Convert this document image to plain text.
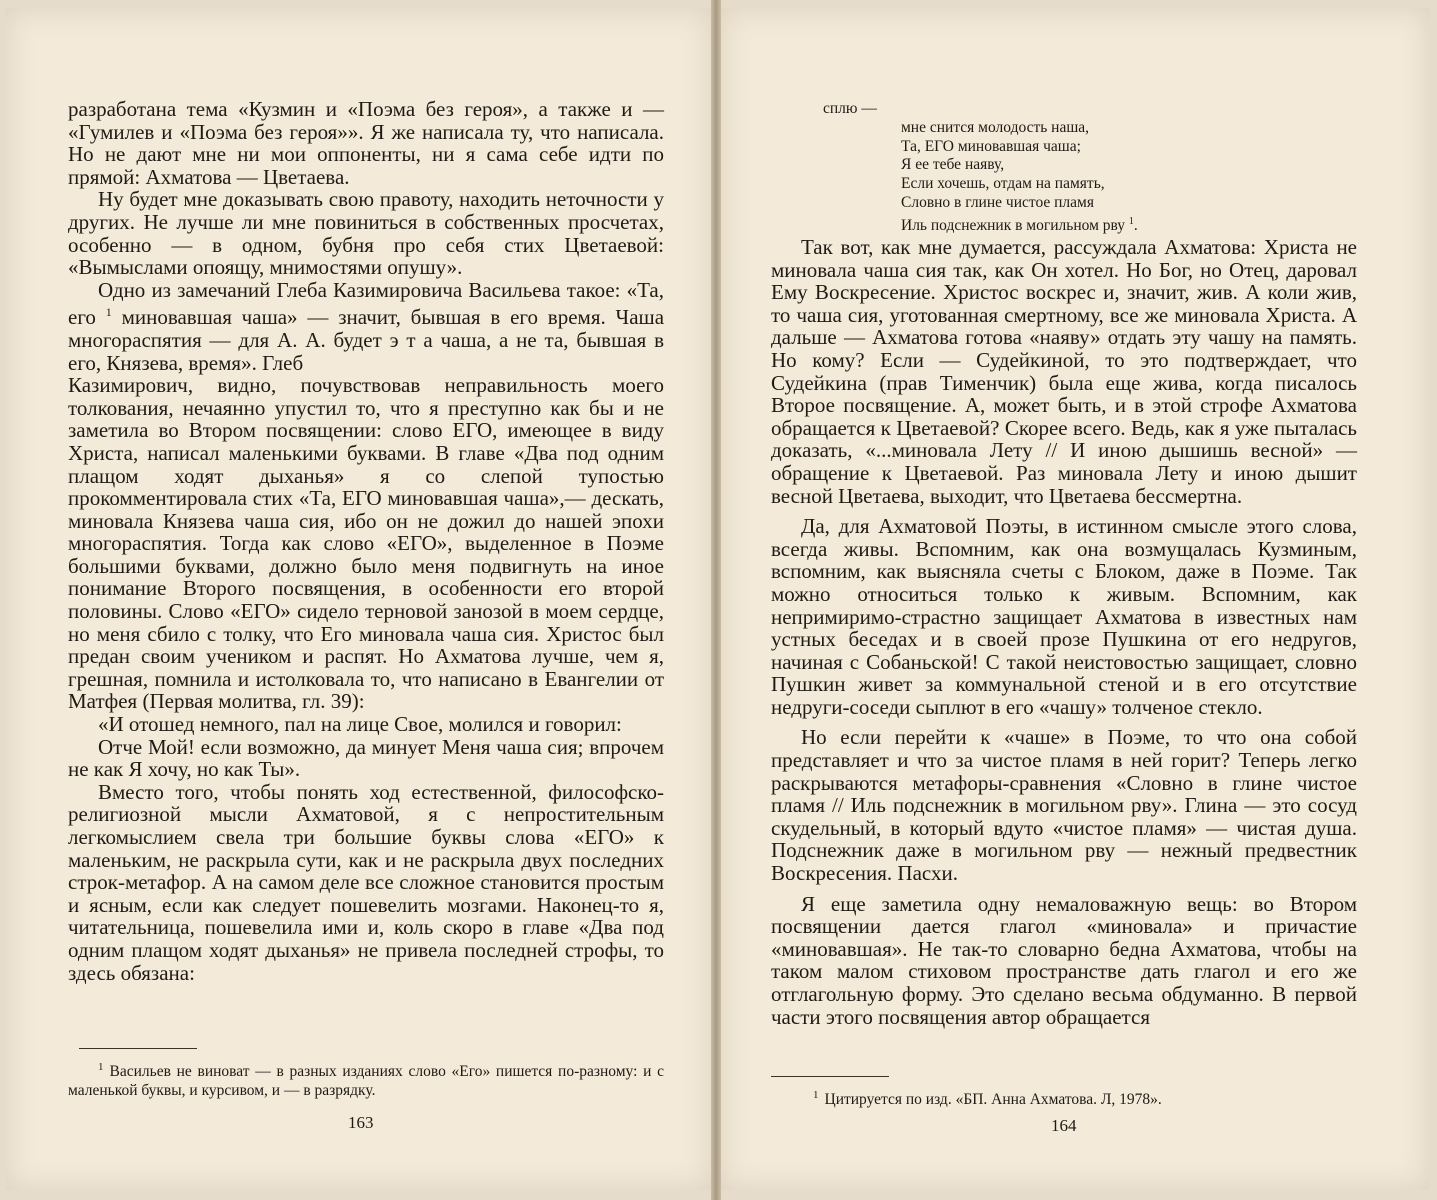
разработана тема «Кузмин и «Поэма без героя», а также и — «Гумилев и «Поэма без героя»». Я же написала ту, что написала. Но не дают мне ни мои оппоненты, ни я сама себе идти по прямой: Ахматова — Цветаева.

Ну будет мне доказывать свою правоту, находить неточности у других. Не лучше ли мне повиниться в собственных просчетах, особенно — в одном, бубня про себя стих Цветаевой: «Вымыслами опоящу, мнимостями опушу».

Одно из замечаний Глеба Казимировича Васильева такое: «Та, его $^1$ миновавшая чаша» — значит, бывшая в его время. Чаша многораспятия — для А. А. будет э т а чаша, а не та, бывшая в его, Князева, время». Глеб

Казимирович, видно, почувствовав неправильность моего толкования, нечаянно упустил то, что я преступно как бы и не заметила во Втором посвящении: слово ЕГО, имеющее в виду Христа, написал маленькими буквами. В главе «Два под одним плащом ходят дыханья» я со слепой тупостью прокомментировала стих «Та, ЕГО миновавшая чаша»,— дескать, миновала Князева чаша сия, ибо он не дожил до нашей эпохи многораспятия. Тогда как слово «ЕГО», выделенное в Поэме большими буквами, должно было меня подвигнуть на иное понимание Второго посвящения, в особенности его второй половины. Слово «ЕГО» сидело терновой занозой в моем сердце, но меня сбило с толку, что Его миновала чаша сия. Христос был предан своим учеником и распят. Но Ахматова лучше, чем я, грешная, помнила и истолковала то, что написано в Евангелии от Матфея (Первая молитва, гл. 39):

«И отошед немного, пал на лице Свое, молился и говорил:

Отче Мой! если возможно, да минует Меня чаша сия; впрочем не как Я хочу, но как Ты».

Вместо того, чтобы понять ход естественной, философско-религиозной мысли Ахматовой, я с непростительным легкомыслием свела три большие буквы слова «ЕГО» к маленьким, не раскрыла сути, как и не раскрыла двух последних строк-метафор. А на самом деле все сложное становится простым и ясным, если как следует пошевелить мозгами. Наконец-то я, читательница, пошевелила ими и, коль скоро в главе «Два под одним плащом ходят дыханья» не привела последней строфы, то здесь обязана:

$^1$ Васильев не виноват — в разных изданиях слово «Его» пишется по-разному: и с маленькой буквы, и курсивом, и — в разрядку.
163
сплю —
мне снится молодость наша,
Та, ЕГО миновавшая чаша;
Я ее тебе наяву,
Если хочешь, отдам на память,
Словно в глине чистое пламя
Иль подснежник в могильном рву $^1$.

Так вот, как мне думается, рассуждала Ахматова: Христа не миновала чаша сия так, как Он хотел. Но Бог, но Отец, даровал Ему Воскресение. Христос воскрес и, значит, жив. А коли жив, то чаша сия, уготованная смертному, все же миновала Христа. А дальше — Ахматова готова «наяву» отдать эту чашу на память. Но кому? Если — Судейкиной, то это подтверждает, что Судейкина (прав Тименчик) была еще жива, когда писалось Второе посвящение. А, может быть, и в этой строфе Ахматова обращается к Цветаевой? Скорее всего. Ведь, как я уже пыталась доказать, «...миновала Лету // И иною дышишь весной» — обращение к Цветаевой. Раз миновала Лету и иною дышит весной Цветаева, выходит, что Цветаева бессмертна.

Да, для Ахматовой Поэты, в истинном смысле этого слова, всегда живы. Вспомним, как она возмущалась Кузминым, вспомним, как выясняла счеты с Блоком, даже в Поэме. Так можно относиться только к живым. Вспомним, как непримиримо-страстно защищает Ахматова в известных нам устных беседах и в своей прозе Пушкина от его недругов, начиная с Собаньской! С такой неистовостью защищает, словно Пушкин живет за коммунальной стеной и в его отсутствие недруги-соседи сыплют в его «чашу» толченое стекло.

Но если перейти к «чаше» в Поэме, то что она собой представляет и что за чистое пламя в ней горит? Теперь легко раскрываются метафоры-сравнения «Словно в глине чистое пламя // Иль подснежник в могильном рву». Глина — это сосуд скудельный, в который вдуто «чистое пламя» — чистая душа. Подснежник даже в могильном рву — нежный предвестник Воскресения. Пасхи.

Я еще заметила одну немаловажную вещь: во Втором посвящении дается глагол «миновала» и причастие «миновавшая». Не так-то словарно бедна Ахматова, чтобы на таком малом стиховом пространстве дать глагол и его же отглагольную форму. Это сделано весьма обдуманно. В первой части этого посвящения автор обращается

$^1$ Цитируется по изд. «БП. Анна Ахматова. Л, 1978».
164
